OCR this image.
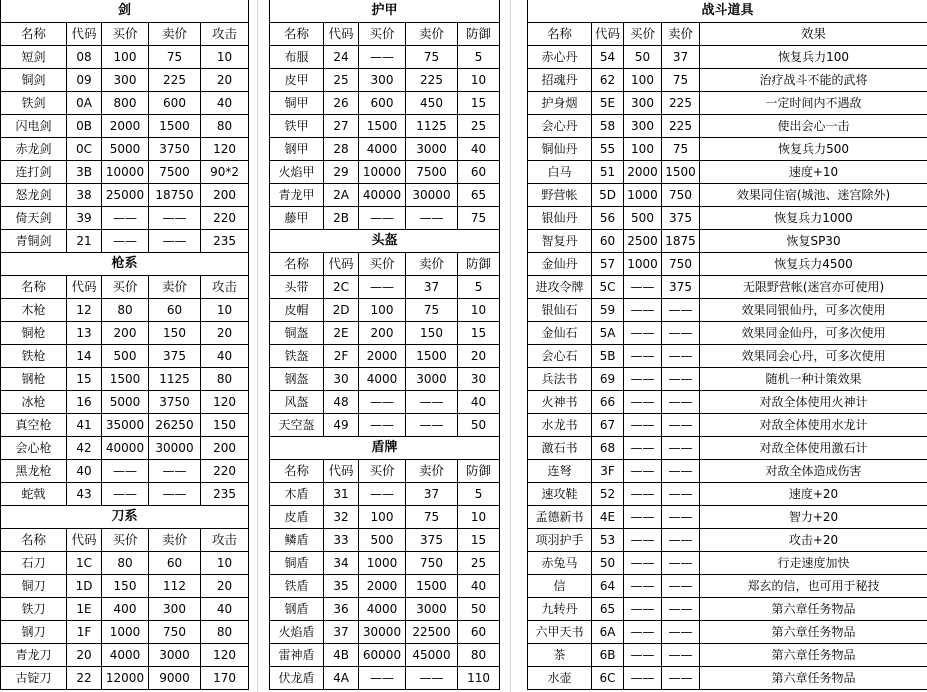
剑				
名称	代码	买价	卖价	攻击
短剑	08	100	75	10
铜剑	09	300	225	20
铁剑	0A	800	600	40
闪电剑	0B	2000	1500	80
赤龙剑	0C	5000	3750	120
连打剑	3B	10000	7500	90*2
怒龙剑	38	25000	18750	200
倚天剑	39	——	——	220
青铜剑	21	——	——	235
枪系				
名称	代码	买价	卖价	攻击
木枪	12	80	60	10
铜枪	13	200	150	20
铁枪	14	500	375	40
钢枪	15	1500	1125	80
冰枪	16	5000	3750	120
真空枪	41	35000	26250	150
会心枪	42	40000	30000	200
黑龙枪	40	——	——	220
蛇戟	43	——	——	235
刀系				
名称	代码	买价	卖价	攻击
石刀	1C	80	60	10
铜刀	1D	150	112	20
铁刀	1E	400	300	40
钢刀	1F	1000	750	80
青龙刀	20	4000	3000	120
古锭刀	22	12000	9000	170
护甲				
名称	代码	买价	卖价	防御
布服	24	——	75	5
皮甲	25	300	225	10
铜甲	26	600	450	15
铁甲	27	1500	1125	25
钢甲	28	4000	3000	40
火焰甲	29	10000	7500	60
青龙甲	2A	40000	30000	65
藤甲	2B	——	——	75
头盔				
名称	代码	买价	卖价	防御
头带	2C	——	37	5
皮帽	2D	100	75	10
铜盔	2E	200	150	15
铁盔	2F	2000	1500	20
钢盔	30	4000	3000	30
风盔	48	——	——	40
天空盔	49	——	——	50
盾牌				
名称	代码	买价	卖价	防御
木盾	31	——	37	5
皮盾	32	100	75	10
鳞盾	33	500	375	15
铜盾	34	1000	750	25
铁盾	35	2000	1500	40
钢盾	36	4000	3000	50
火焰盾	37	30000	22500	60
雷神盾	4B	60000	45000	80
伏龙盾	4A	——	——	110
战斗道具				
名称	代码	买价	卖价	效果
赤心丹	54	50	37	恢复兵力100
招魂丹	62	100	75	治疗战斗不能的武将
护身烟	5E	300	225	一定时间内不遇敌
会心丹	58	300	225	使出会心一击
铜仙丹	55	100	75	恢复兵力500
白马	51	2000	1500	速度+10
野营帐	5D	1000	750	效果同住宿(城池、迷宫除外)
银仙丹	56	500	375	恢复兵力1000
智复丹	60	2500	1875	恢复SP30
金仙丹	57	1000	750	恢复兵力4500
进攻令牌	5C	——	375	无限野营帐(迷宫亦可使用)
银仙石	59	——	——	效果同银仙丹，可多次使用
金仙石	5A	——	——	效果同金仙丹，可多次使用
会心石	5B	——	——	效果同会心丹，可多次使用
兵法书	69	——	——	随机一种计策效果
火神书	66	——	——	对敌全体使用火神计
水龙书	67	——	——	对敌全体使用水龙计
激石书	68	——	——	对敌全体使用激石计
连弩	3F	——	——	对敌全体造成伤害
速攻鞋	52	——	——	速度+20
孟德新书	4E	——	——	智力+20
项羽护手	53	——	——	攻击+20
赤兔马	50	——	——	行走速度加快
信	64	——	——	郑玄的信，也可用于秘技
九转丹	65	——	——	第六章任务物品
六甲天书	6A	——	——	第六章任务物品
茶	6B	——	——	第六章任务物品
水壶	6C	——	——	第六章任务物品
